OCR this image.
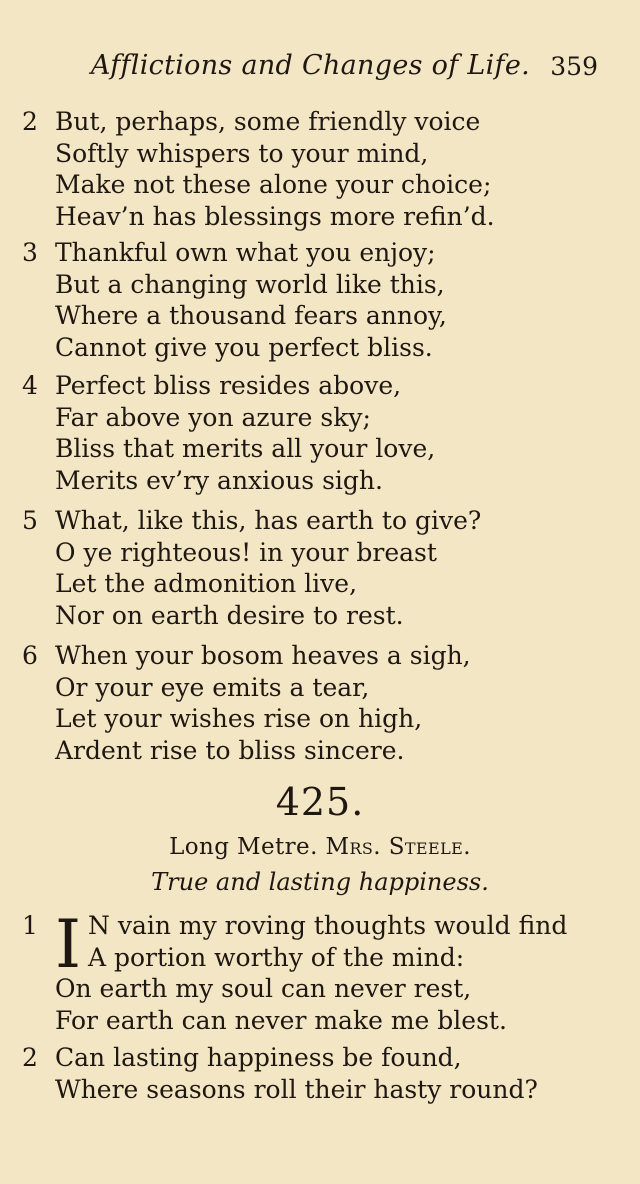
Afflictions and Changes of Life. 359
2 But, perhaps, some friendly voice
Softly whispers to your mind,
Make not these alone your choice;
Heav’n has blessings more refin’d.
3 Thankful own what you enjoy;
But a changing world like this,
Where a thousand fears annoy,
Cannot give you perfect bliss.
4 Perfect bliss resides above,
Far above yon azure sky;
Bliss that merits all your love,
Merits ev’ry anxious sigh.
5 What, like this, has earth to give?
O ye righteous! in your breast
Let the admonition live,
Nor on earth desire to rest.
6 When your bosom heaves a sigh,
Or your eye emits a tear,
Let your wishes rise on high,
Ardent rise to bliss sincere.
425.
Long Metre. Mrs. Steele.
True and lasting happiness.
I
1	N vain my roving thoughts would find
A portion worthy of the mind:
On earth my soul can never rest,
For earth can never make me blest.
2 Can lasting happiness be found,
Where seasons roll their hasty round?
